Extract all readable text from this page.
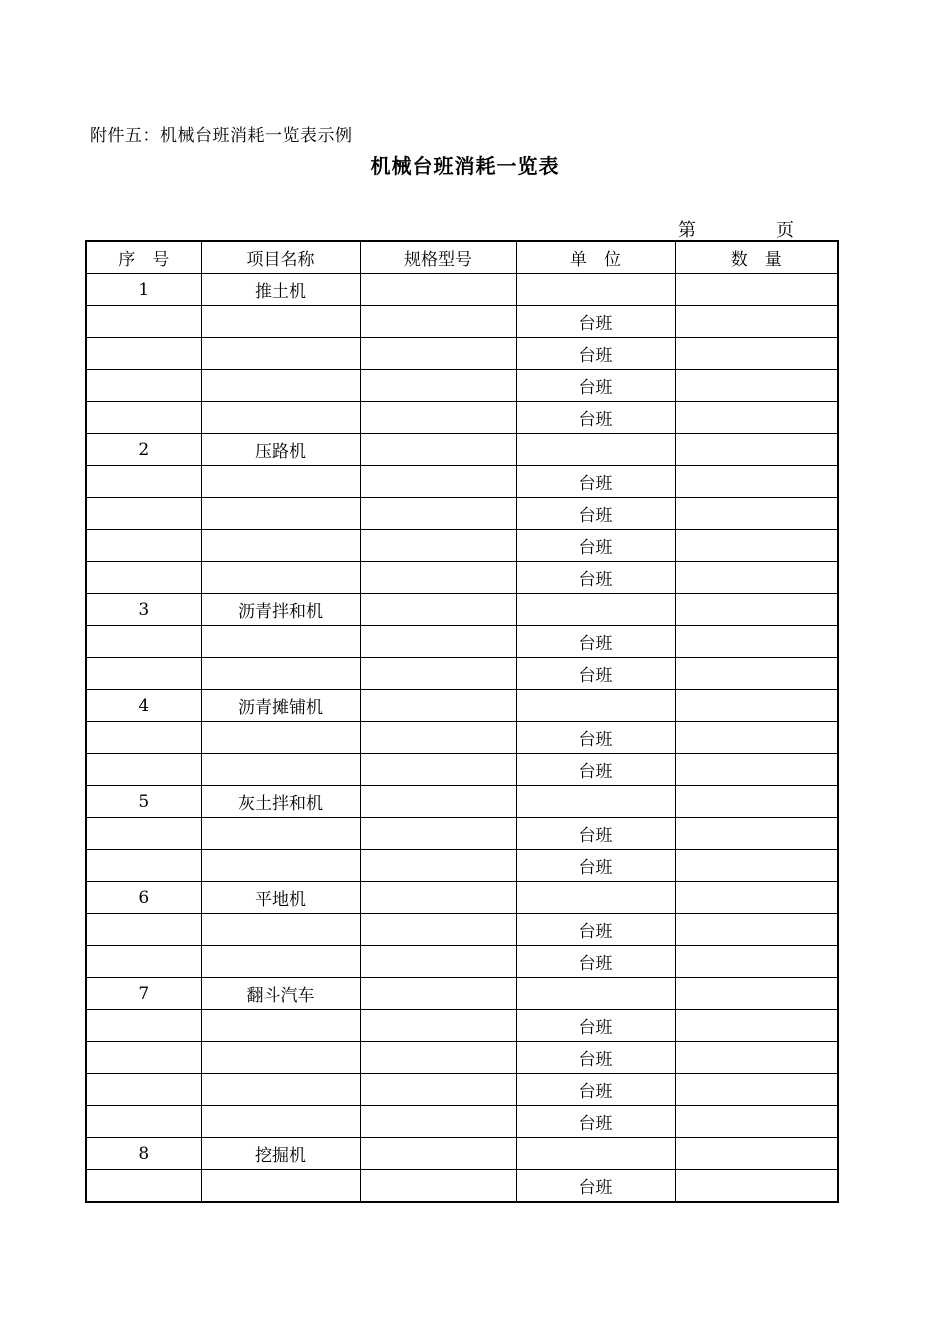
附件五：机械台班消耗一览表示例
机械台班消耗一览表
第	页
序　号	项目名称	规格型号	单　位	数　量
1	推土机			
			台班	
			台班	
			台班	
			台班	
2	压路机			
			台班	
			台班	
			台班	
			台班	
3	沥青拌和机			
			台班	
			台班	
4	沥青摊铺机			
			台班	
			台班	
5	灰土拌和机			
			台班	
			台班	
6	平地机			
			台班	
			台班	
7	翻斗汽车			
			台班	
			台班	
			台班	
			台班	
8	挖掘机			
			台班	
